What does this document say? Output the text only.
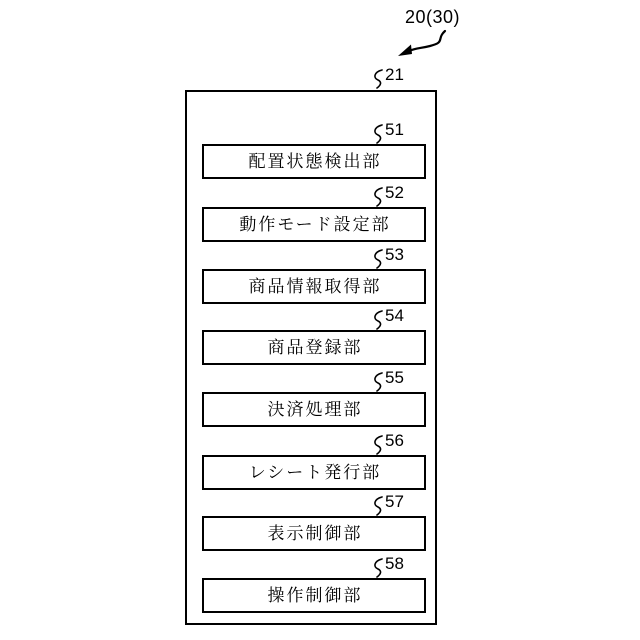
20(30)
21
51
配置状態検出部
52
動作モード設定部
53
商品情報取得部
54
商品登録部
55
決済処理部
56
レシート発行部
57
表示制御部
58
操作制御部
